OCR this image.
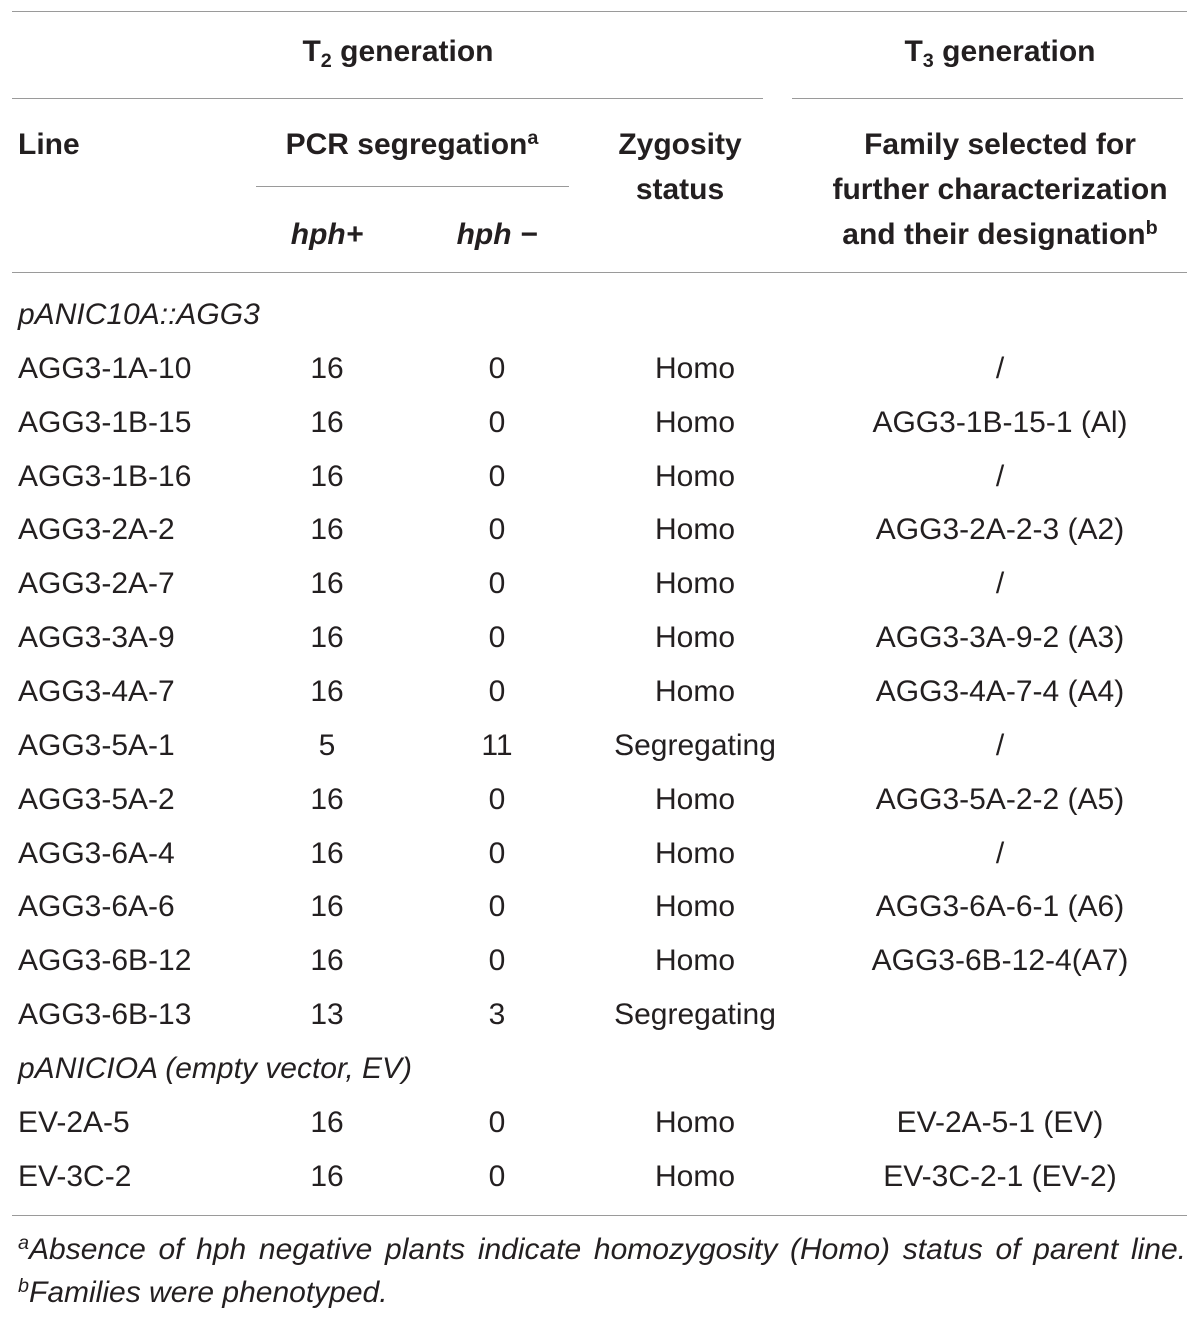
$T_2$ generation	$T_3$ generation
Line	PCR segregation$^a$	Zygosity
status
Family selected for
further characterization
and their designation$^b$
hph+	hph −
pANIC10A::AGG3
AGG3-1A-10	16	0	Homo	/
AGG3-1B-15	16	0	Homo	AGG3-1B-15-1 (Al)
AGG3-1B-16	16	0	Homo	/
AGG3-2A-2	16	0	Homo	AGG3-2A-2-3 (A2)
AGG3-2A-7	16	0	Homo	/
AGG3-3A-9	16	0	Homo	AGG3-3A-9-2 (A3)
AGG3-4A-7	16	0	Homo	AGG3-4A-7-4 (A4)
AGG3-5A-1	5	11	Segregating	/
AGG3-5A-2	16	0	Homo	AGG3-5A-2-2 (A5)
AGG3-6A-4	16	0	Homo	/
AGG3-6A-6	16	0	Homo	AGG3-6A-6-1 (A6)
AGG3-6B-12	16	0	Homo	AGG3-6B-12-4(A7)
AGG3-6B-13	13	3	Segregating
pANICIOA (empty vector, EV)
EV-2A-5	16	0	Homo	EV-2A-5-1 (EV)
EV-3C-2	16	0	Homo	EV-3C-2-1 (EV-2)
$^a$Absence of hph negative plants indicate homozygosity (Homo) status of parent line. $^b$Families were phenotyped.
